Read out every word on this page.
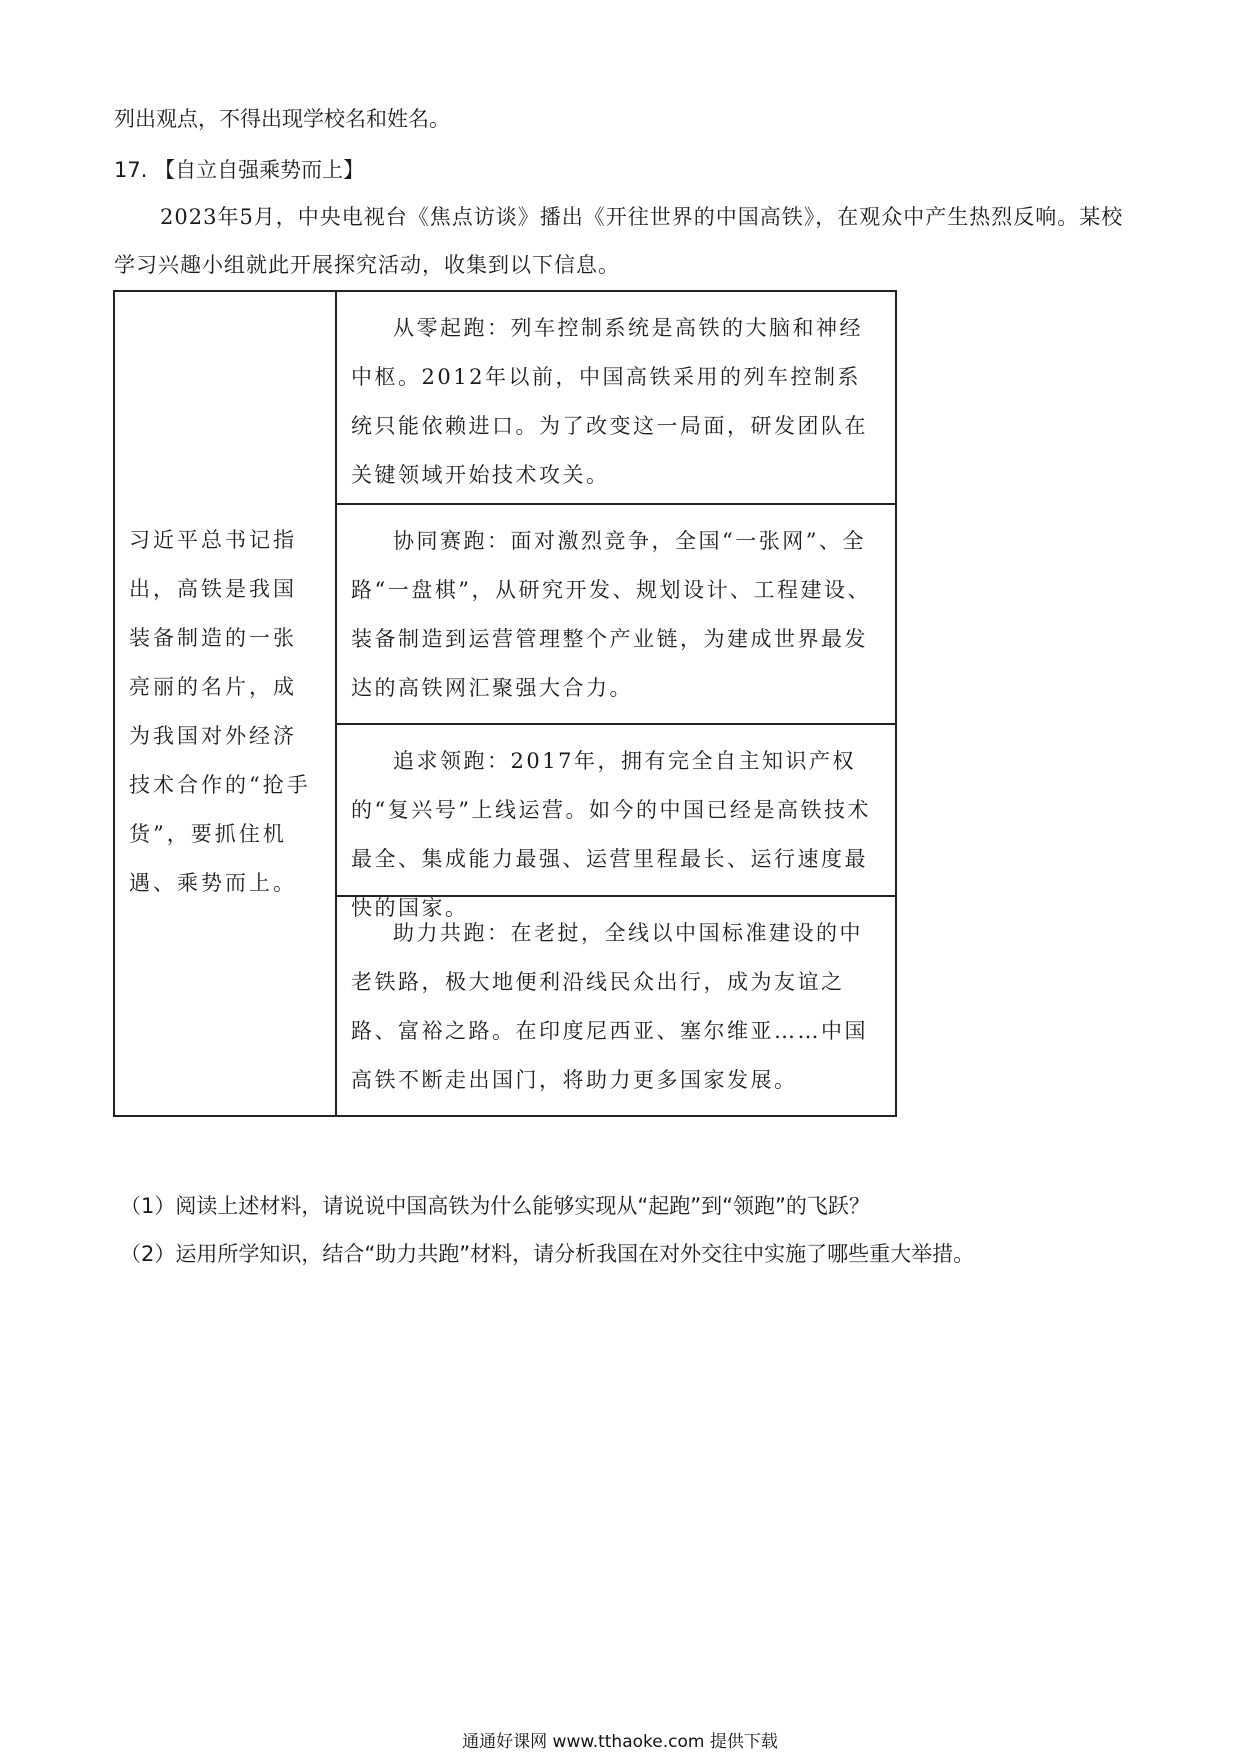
列出观点，不得出现学校名和姓名。
17. 【自立自强乘势而上】
2023年5月，中央电视台《焦点访谈》播出《开往世界的中国高铁》，在观众中产生热烈反响。某校
学习兴趣小组就此开展探究活动，收集到以下信息。
习近平总书记指出，高铁是我国装备制造的一张亮丽的名片，成为我国对外经济技术合作的“抢手货”，要抓住机遇、乘势而上。
从零起跑：列车控制系统是高铁的大脑和神经中枢。2012年以前，中国高铁采用的列车控制系统只能依赖进口。为了改变这一局面，研发团队在关键领域开始技术攻关。
协同赛跑：面对激烈竞争，全国“一张网”、全路“一盘棋”，从研究开发、规划设计、工程建设、装备制造到运营管理整个产业链，为建成世界最发达的高铁网汇聚强大合力。
追求领跑：2017年，拥有完全自主知识产权的“复兴号”上线运营。如今的中国已经是高铁技术最全、集成能力最强、运营里程最长、运行速度最快的国家。
助力共跑：在老挝，全线以中国标准建设的中老铁路，极大地便利沿线民众出行，成为友谊之路、富裕之路。在印度尼西亚、塞尔维亚……中国高铁不断走出国门，将助力更多国家发展。
（1）阅读上述材料，请说说中国高铁为什么能够实现从“起跑”到“领跑”的飞跃？
（2）运用所学知识，结合“助力共跑”材料，请分析我国在对外交往中实施了哪些重大举措。
通通好课网 www.tthaoke.com 提供下载
